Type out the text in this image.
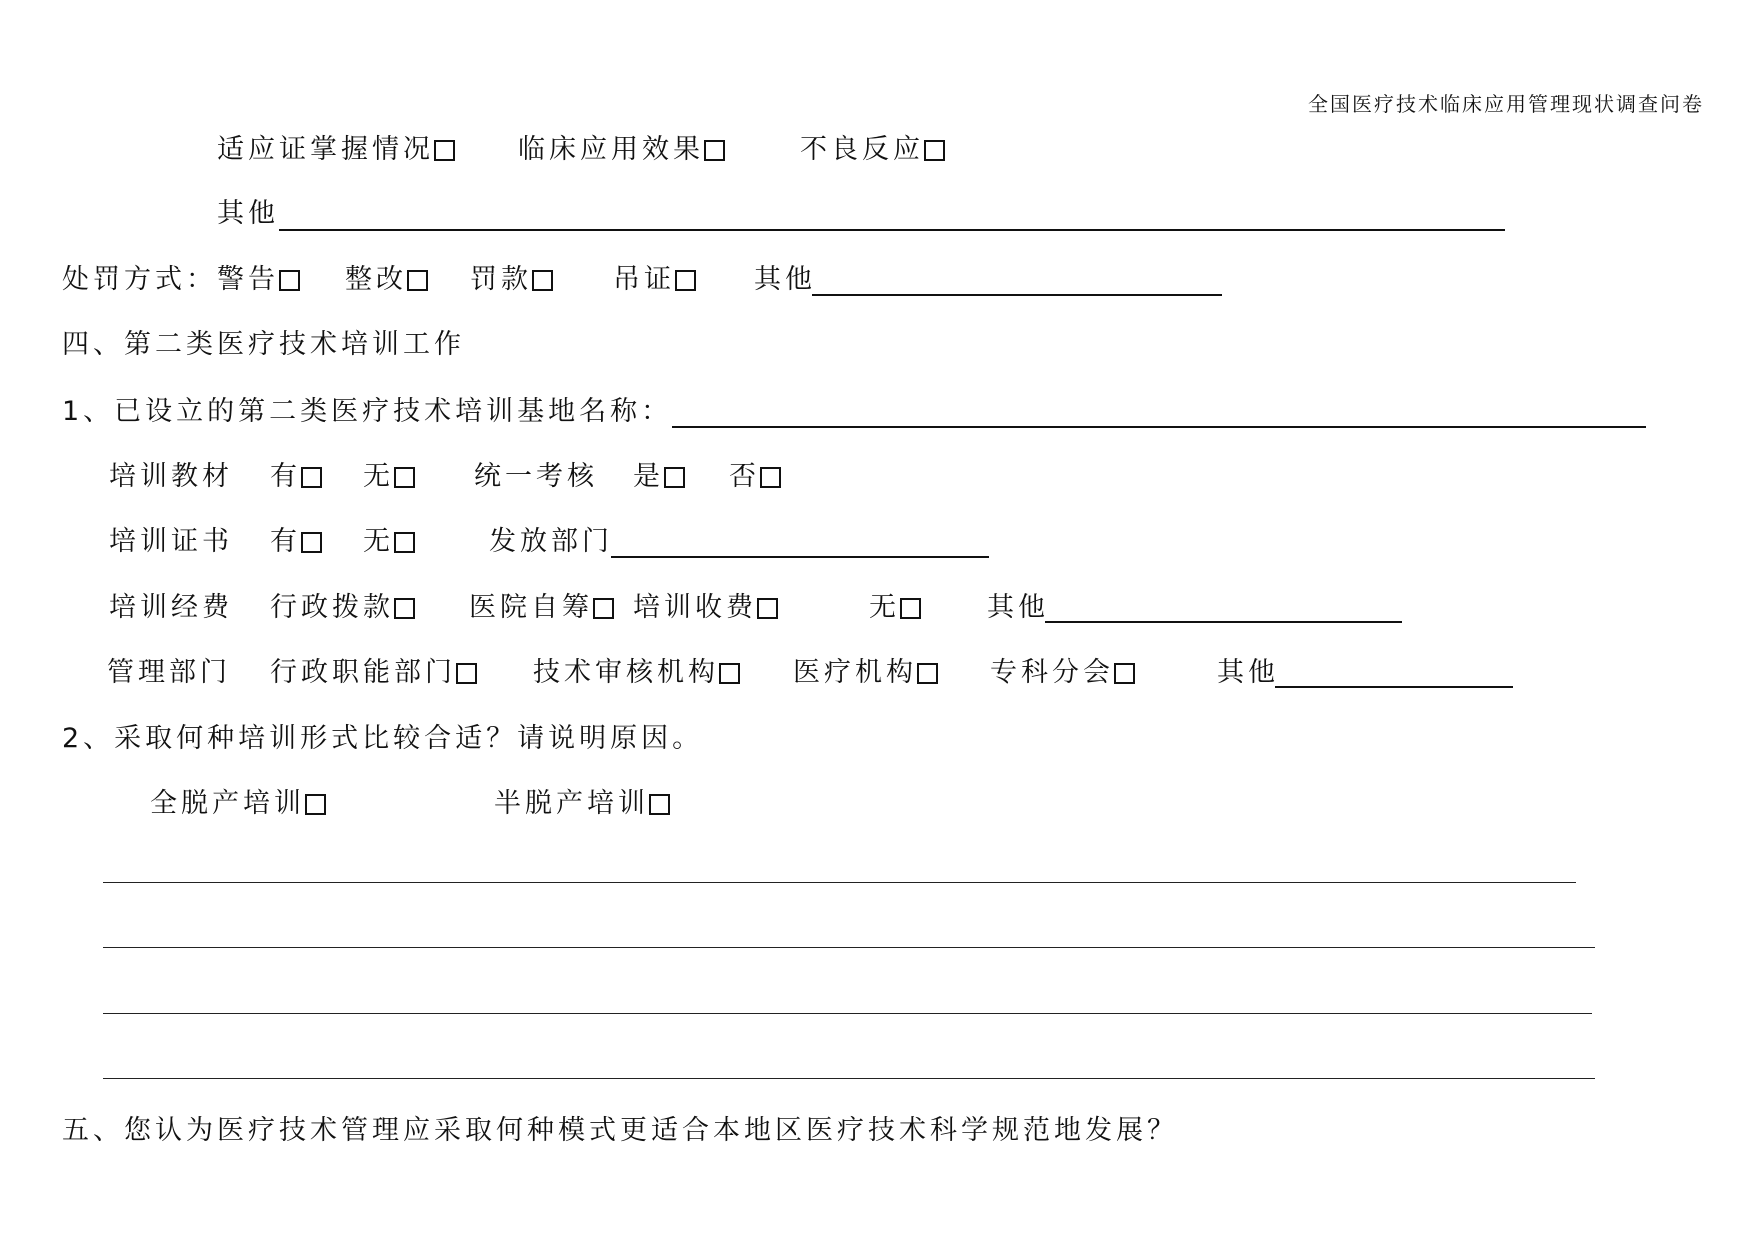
全国医疗技术临床应用管理现状调查问卷
适应证掌握情况	临床应用效果	不良反应
其他
处罚方式： 警告	整改	罚款	吊证	其他
四、第二类医疗技术培训工作
1、已设立的第二类医疗技术培训基地名称：
培训教材 有	无	统一考核 是	否
培训证书 有	无	发放部门
培训经费 行政拨款	医院自筹	培训收费	无	其他
管理部门 行政职能部门	技术审核机构	医疗机构	专科分会	其他
2、采取何种培训形式比较合适？请说明原因。
全脱产培训	半脱产培训
五、您认为医疗技术管理应采取何种模式更适合本地区医疗技术科学规范地发展？
